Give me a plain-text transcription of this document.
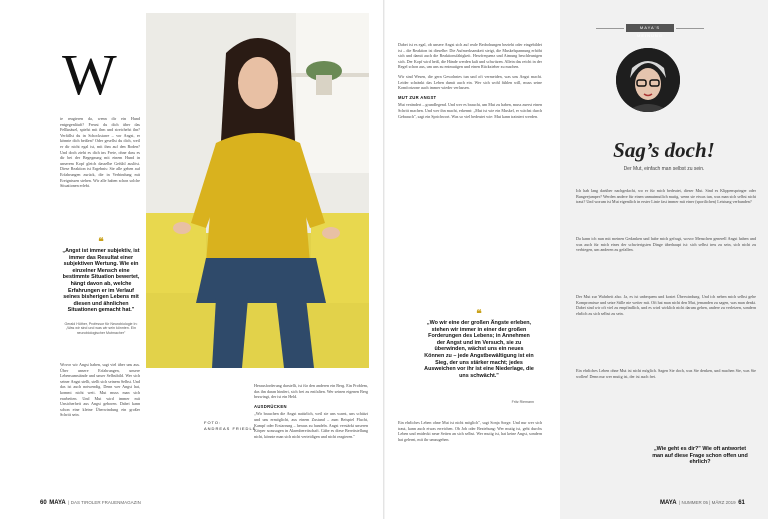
W

ie reagieren da, wenn dir ein Hund entgegenläuft? Freust du dich über das Fellknäuel, spielst mit ihm und streichelst ihn? Verfällst du in Schockstarre – vor Angst, er könnte dich beißen? Oder gesellst du dich, weil er dir nicht egal ist, mit ihm auf den Boden? Und doch zieht es dich ins Freie, ohne dass es dir bei der Begegnung mit einem Hund in unserem Kopf gleich dasselbe Gefühl auslöst. Diese Reaktion ist Ergebnis: Sie alle gehen auf Erfahrungen zurück, die in Verbindung mit Ereignissen stehen. Wir alle haben schon solche Situationen erlebt.

❝
„Angst ist immer subjektiv, ist immer das Resultat einer subjektiven Wertung. Wie ein einzelner Mensch eine bestimmte Situation bewertet, hängt davon ab, welche Erfahrungen er im Verlauf seines bisherigen Lebens mit diesen und ähnlichen Situationen gemacht hat."
Gerald Hüther, Professor für Neurobiologie In: „Was wir sind und was wir sein könnten. Ein neurobiologischer Mutmacher"

Wovor wir Angst haben, sagt viel über uns aus. Über unsere Erfahrungen, unsere Lebensumstände und unser Selbstbild. Wer sich seiner Angst stellt, stellt sich seinem Selbst. Und das ist auch notwendig. Denn wer Angst hat, kommt nicht weit. Mut muss man sich erarbeiten. Und Mut wird immer mit Unsicherheit aus Angst geboren. Dabei kann schon eine kleine Überwindung ein großer Schritt sein.

FOTO:
ANDREAS FRIEDLE

Herausforderung darstellt, ist für den anderen ein Berg. Ein Problem, das ihn daran hindert, sich frei zu entfalten. Wer seinen eigenen Berg bezwingt, der ist ein Held.

AUSDRÜCKEN

„Wir brauchen die Angst natürlich, weil sie uns warnt, uns schützt und uns ermöglicht, aus einem Zustand – zum Beispiel Flucht, Kampf oder Erstarrung – heraus zu handeln. Angst verstärkt unseren Körper sozusagen in Alarmbereitschaft. Gäbe es diese Bereitstellung nicht, könnte man sich nicht verteidigen und nicht reagieren."

60 MAYA  | DAS TIROLER FRAUENMAGAZIN

Dabei ist es egal, ob unsere Angst sich auf reale Bedrohungen bezieht oder eingebildet ist – die Reaktion ist dieselbe: Die Aufmerksamkeit steigt, die Muskelspannung erhöht sich und damit auch die Reaktionsfähigkeit. Herzfrequenz und Atmung beschleunigen sich. Der Kopf wird heiß, die Hände werden kalt und schwitzen. Allein das reicht in der Regel schon aus, um uns zu entmutigen und einen Rückzieher zu machen.

Wir sind Wesen, die gern Gewohntes tun und oft vermeiden, was uns Angst macht. Leider schränkt das Leben damit auch ein. Wer sich wohl fühlen will, muss seine Komfortzone auch immer wieder verlassen.

MUT ZUR ANGST

Mut verändert – grundlegend. Und wer es braucht, um Mut zu haben, muss zuerst einen Schritt machen. Und wer ihn macht, erkennt: „Mut ist wie ein Muskel, er wächst durch Gebrauch", sagt ein Sprichwort. Was so viel bedeutet wie: Mut kann trainiert werden.

❝
„Wo wir eine der großen Ängste erleben, stehen wir immer in einer der großen Forderungen des Lebens; in Annehmen der Angst und im Versuch, sie zu überwinden, wächst uns ein neues Können zu – jede Angstbewältigung ist ein Sieg, der uns stärker macht; jedes Ausweichen vor ihr ist eine Niederlage, die uns schwächt."
Fritz Riemann

Ein ehrliches Leben ohne Mut ist nicht möglich", sagt Sonja Sorge. Und nur wer sich traut, kann auch etwas erreichen. Ob Job oder Beziehung: Wer mutig ist, geht durchs Leben und entdeckt neue Seiten an sich selbst. Wer mutig ist, hat keine Angst, sondern hat gelernt, mit ihr umzugehen.

MAYA'S MEINUNG
Sag’s doch!
Der Mut, einfach man selbst zu sein.
Ich hab lang darüber nachgedacht, wo er für mich bedeutet, dieser Mut. Sind es Klippenspringer oder Bungeejumper? Werden andere für einen unmutmutlich mutig, wenn sie etwas tun, was man sich selbst nicht traut? Und worum ist Mut eigentlich in erster Linie fast immer mit einer (sportlichen) Leistung verbunden?
Da kann ich nun mit meinen Gedanken und habe mich gefragt, wovor Menschen generell Angst haben und was auch für mich eines der schwierigsten Dinge überhaupt ist: sich selbst treu zu sein, sich nicht zu verbiegen, um anderen zu gefallen.
Der Mut zur Wahrheit also. Ja, es ist unbequem und kostet Überwindung. Und ich neben mich selbst gehe Kompromisse und setze Stille nie weiter mit. Oft hat man nicht den Mut, jemanden zu sagen, was man denkt. Dabei sind wir oft viel zu empfindlich, und es wird wirklich nicht darum gehen, andere zu verletzen, sondern ehrlich zu sich selbst zu sein.
Ein ehrliches Leben ohne Mut ist nicht möglich. Sagen Sie doch, was Sie denken, und machen Sie, was Sie wollen! Denn nur wer mutig ist, der ist auch frei.
„Wie geht es dir?" Wie oft antwortet man auf diese Frage schon offen und ehrlich?
MAYA  | NUMMER 05 | MÄRZ 2019 61
